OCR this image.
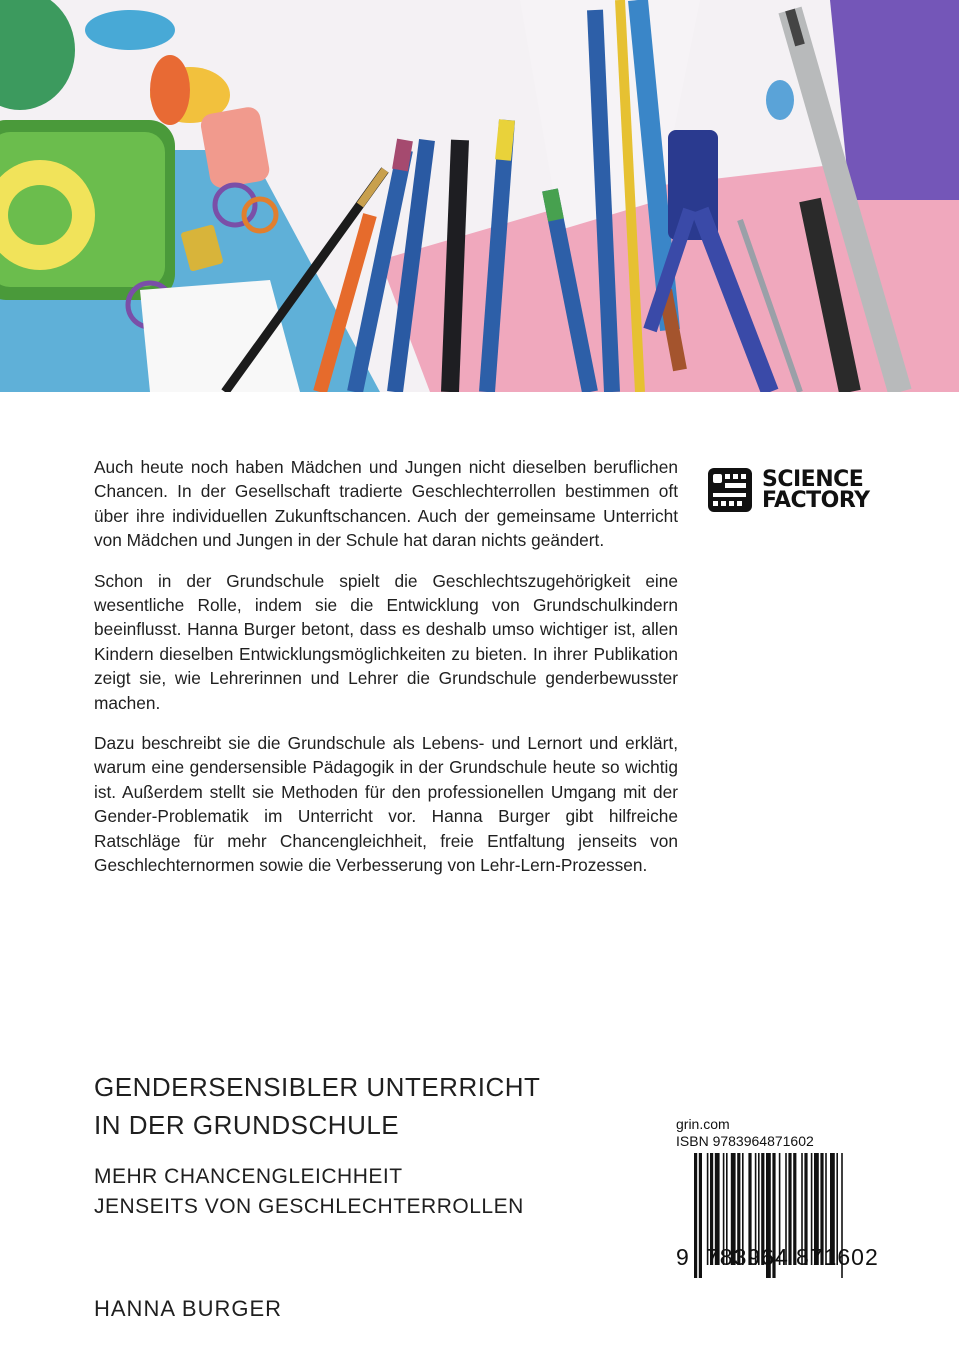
Auch heute noch haben Mädchen und Jungen nicht dieselben beruflichen Chancen. In der Gesellschaft tradierte Geschlechterrollen bestimmen oft über ihre individuellen Zukunftschancen. Auch der gemeinsame Unterricht von Mädchen und Jungen in der Schule hat daran nichts geändert.

Schon in der Grundschule spielt die Geschlechtszugehörigkeit eine wesentliche Rolle, indem sie die Entwicklung von Grundschulkindern beeinflusst. Hanna Burger betont, dass es deshalb umso wichtiger ist, allen Kindern dieselben Entwicklungsmöglichkeiten zu bieten. In ihrer Publikation zeigt sie, wie Lehrerinnen und Lehrer die Grundschule genderbewusster machen.

Dazu beschreibt sie die Grundschule als Lebens- und Lernort und erklärt, warum eine gendersensible Pädagogik in der Grundschule heute so wichtig ist. Außerdem stellt sie Methoden für den professionellen Umgang mit der Gender-Problematik im Unterricht vor. Hanna Burger gibt hilfreiche Ratschläge für mehr Chancengleichheit, freie Entfaltung jenseits von Geschlechternormen sowie die Verbesserung von Lehr-Lern-Prozessen.

SCIENCE
FACTORY
GENDERSENSIBLER UNTERRICHT
IN DER GRUNDSCHULE
MEHR CHANCENGLEICHHEIT
JENSEITS VON GESCHLECHTERROLLEN
HANNA BURGER
grin.com
ISBN 9783964871602
9 783964 871602
